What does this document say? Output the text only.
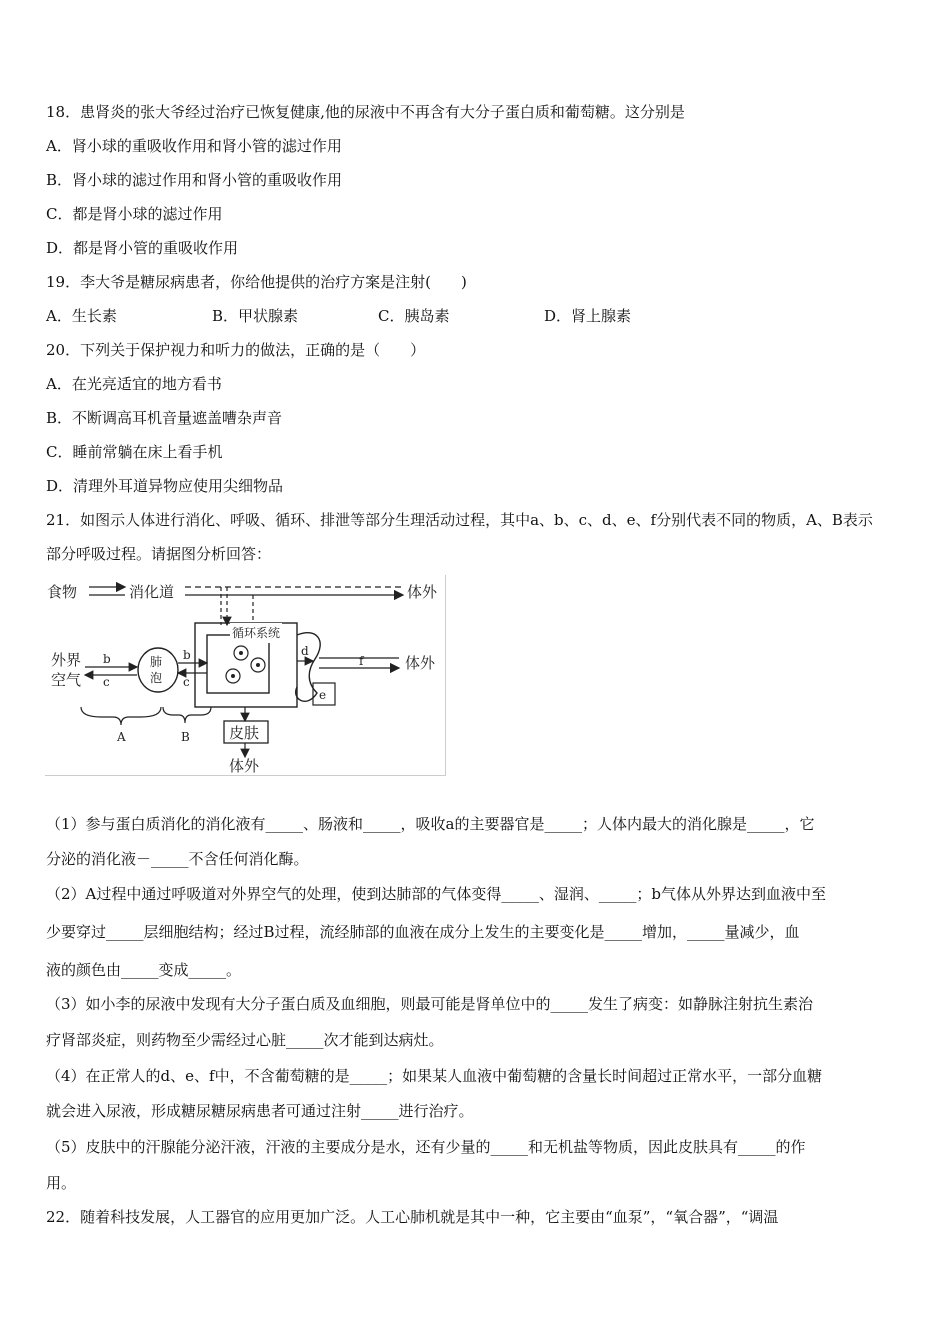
18．患肾炎的张大爷经过治疗已恢复健康,他的尿液中不再含有大分子蛋白质和葡萄糖。这分别是
A．肾小球的重吸收作用和肾小管的滤过作用
B．肾小球的滤过作用和肾小管的重吸收作用
C．都是肾小球的滤过作用
D．都是肾小管的重吸收作用
19．李大爷是糖尿病患者，你给他提供的治疗方案是注射(　　)
A．生长素	B．甲状腺素	C．胰岛素	D．肾上腺素
20．下列关于保护视力和听力的做法，正确的是（　　）
A．在光亮适宜的地方看书
B．不断调高耳机音量遮盖嘈杂声音
C．睡前常躺在床上看手机
D．清理外耳道异物应使用尖细物品
21．如图示人体进行消化、呼吸、循环、排泄等部分生理活动过程，其中a、b、c、d、e、f分别代表不同的物质，A、B表示
部分呼吸过程。请据图分析回答：
食物	消化道	体外
循环系统
外界
空气
b
c
肺
泡
b
c
d
f	体外
e
皮肤
体外
A	B
（1）参与蛋白质消化的消化液有_____、肠液和_____，吸收a的主要器官是_____；人体内最大的消化腺是_____，它
分泌的消化液－_____不含任何消化酶。
（2）A过程中通过呼吸道对外界空气的处理，使到达肺部的气体变得_____、湿润、_____；b气体从外界达到血液中至
少要穿过_____层细胞结构；经过B过程，流经肺部的血液在成分上发生的主要变化是_____增加，_____量减少，血
液的颜色由_____变成_____。
（3）如小李的尿液中发现有大分子蛋白质及血细胞，则最可能是肾单位中的_____发生了病变：如静脉注射抗生素治
疗肾部炎症，则药物至少需经过心脏_____次才能到达病灶。
（4）在正常人的d、e、f中，不含葡萄糖的是_____；如果某人血液中葡萄糖的含量长时间超过正常水平，一部分血糖
就会进入尿液，形成糖尿糖尿病患者可通过注射_____进行治疗。
（5）皮肤中的汗腺能分泌汗液，汗液的主要成分是水，还有少量的_____和无机盐等物质，因此皮肤具有_____的作
用。
22．随着科技发展，人工器官的应用更加广泛。人工心肺机就是其中一种，它主要由“血泵”，“氧合器”，“调温
